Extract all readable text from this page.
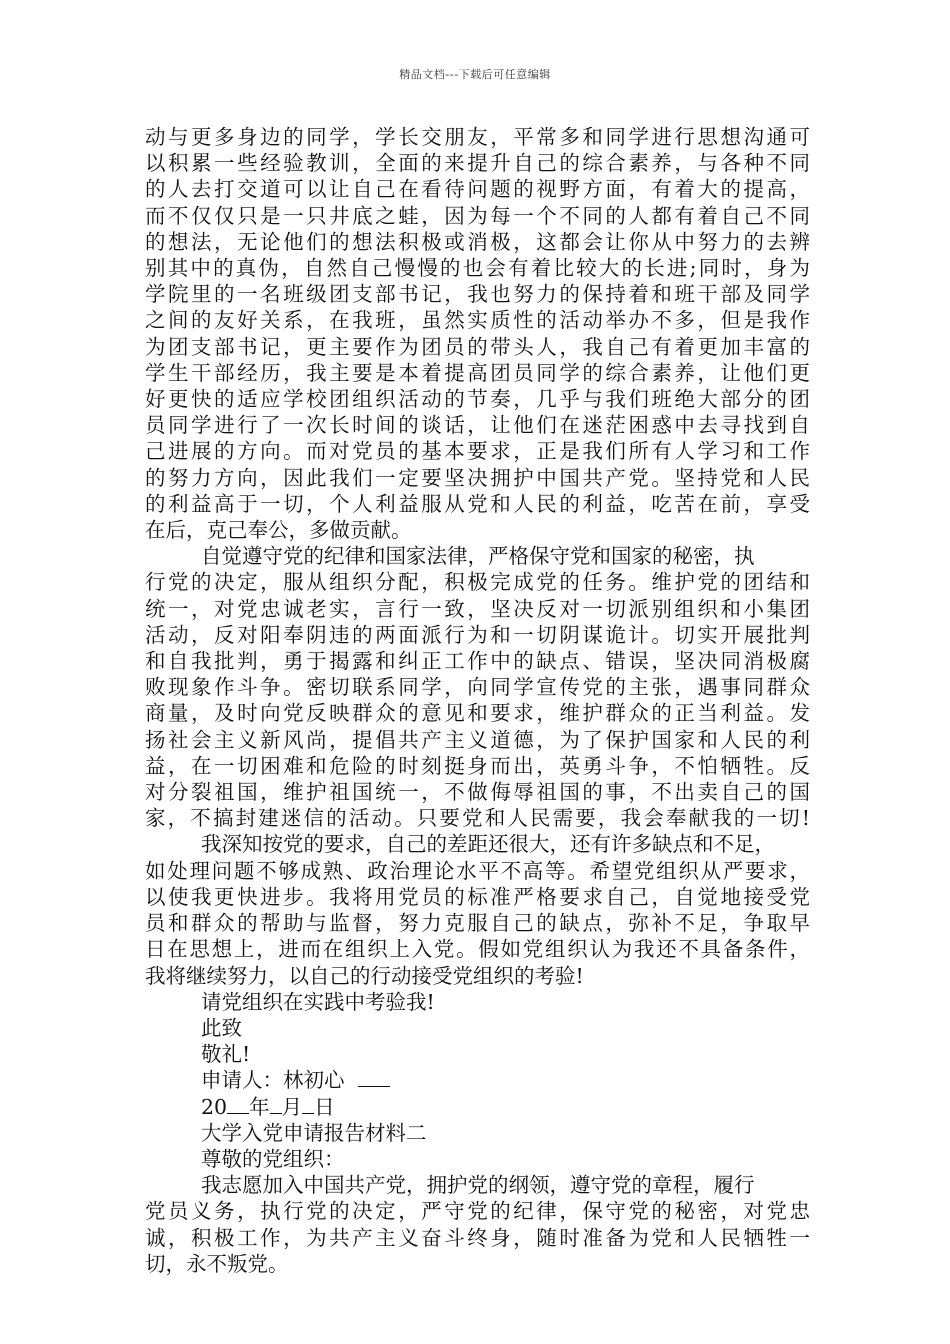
精品文档---下载后可任意编辑
动与更多身边的同学，学长交朋友，平常多和同学进行思想沟通可
以积累一些经验教训，全面的来提升自己的综合素养，与各种不同
的人去打交道可以让自己在看待问题的视野方面，有着大的提高，
而不仅仅只是一只井底之蛙，因为每一个不同的人都有着自己不同
的想法，无论他们的想法积极或消极，这都会让你从中努力的去辨
别其中的真伪，自然自己慢慢的也会有着比较大的长进;同时，身为
学院里的一名班级团支部书记，我也努力的保持着和班干部及同学
之间的友好关系，在我班，虽然实质性的活动举办不多，但是我作
为团支部书记，更主要作为团员的带头人，我自己有着更加丰富的
学生干部经历，我主要是本着提高团员同学的综合素养，让他们更
好更快的适应学校团组织活动的节奏，几乎与我们班绝大部分的团
员同学进行了一次长时间的谈话，让他们在迷茫困惑中去寻找到自
己进展的方向。而对党员的基本要求，正是我们所有人学习和工作
的努力方向，因此我们一定要坚决拥护中国共产党。坚持党和人民
的利益高于一切，个人利益服从党和人民的利益，吃苦在前，享受
在后，克己奉公，多做贡献。
自觉遵守党的纪律和国家法律，严格保守党和国家的秘密，执
行党的决定，服从组织分配，积极完成党的任务。维护党的团结和
统一，对党忠诚老实，言行一致，坚决反对一切派别组织和小集团
活动，反对阳奉阴违的两面派行为和一切阴谋诡计。切实开展批判
和自我批判，勇于揭露和纠正工作中的缺点、错误，坚决同消极腐
败现象作斗争。密切联系同学，向同学宣传党的主张，遇事同群众
商量，及时向党反映群众的意见和要求，维护群众的正当利益。发
扬社会主义新风尚，提倡共产主义道德，为了保护国家和人民的利
益，在一切困难和危险的时刻挺身而出，英勇斗争，不怕牺牲。反
对分裂祖国，维护祖国统一，不做侮辱祖国的事，不出卖自己的国
家，不搞封建迷信的活动。只要党和人民需要，我会奉献我的一切!
我深知按党的要求，自己的差距还很大，还有许多缺点和不足，
如处理问题不够成熟、政治理论水平不高等。希望党组织从严要求，
以使我更快进步。我将用党员的标准严格要求自己，自觉地接受党
员和群众的帮助与监督，努力克服自己的缺点，弥补不足，争取早
日在思想上，进而在组织上入党。假如党组织认为我还不具备条件，
我将继续努力，以自己的行动接受党组织的考验!
请党组织在实践中考验我!
此致
敬礼!
申请人：林初心
20 年 月 日
大学入党申请报告材料二
尊敬的党组织：
我志愿加入中国共产党，拥护党的纲领，遵守党的章程，履行
党员义务，执行党的决定，严守党的纪律，保守党的秘密，对党忠
诚，积极工作，为共产主义奋斗终身，随时准备为党和人民牺牲一
切，永不叛党。
